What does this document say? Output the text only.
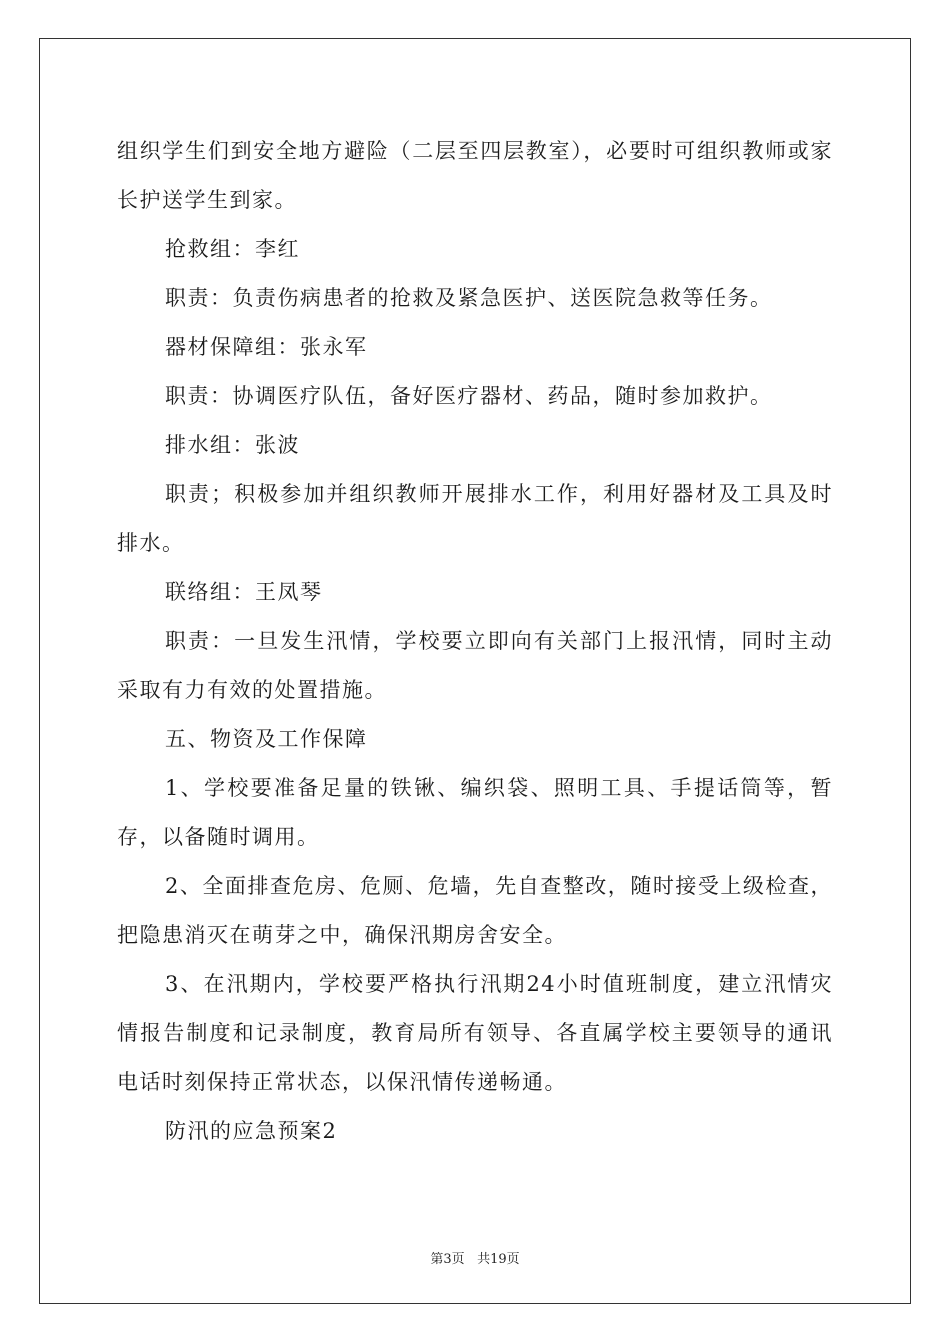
组织学生们到安全地方避险（二层至四层教室），必要时可组织教师或家长护送学生到家。

抢救组：李红

职责：负责伤病患者的抢救及紧急医护、送医院急救等任务。

器材保障组：张永军

职责：协调医疗队伍，备好医疗器材、药品，随时参加救护。

排水组：张波

职责；积极参加并组织教师开展排水工作，利用好器材及工具及时排水。

联络组：王凤琴

职责：一旦发生汛情，学校要立即向有关部门上报汛情，同时主动采取有力有效的处置措施。

五、物资及工作保障

1、学校要准备足量的铁锹、编织袋、照明工具、手提话筒等，暂存，以备随时调用。

2、全面排查危房、危厕、危墙，先自查整改，随时接受上级检查，把隐患消灭在萌芽之中，确保汛期房舍安全。

3、在汛期内，学校要严格执行汛期24小时值班制度，建立汛情灾情报告制度和记录制度，教育局所有领导、各直属学校主要领导的通讯电话时刻保持正常状态，以保汛情传递畅通。

防汛的应急预案2

第3页 共19页
